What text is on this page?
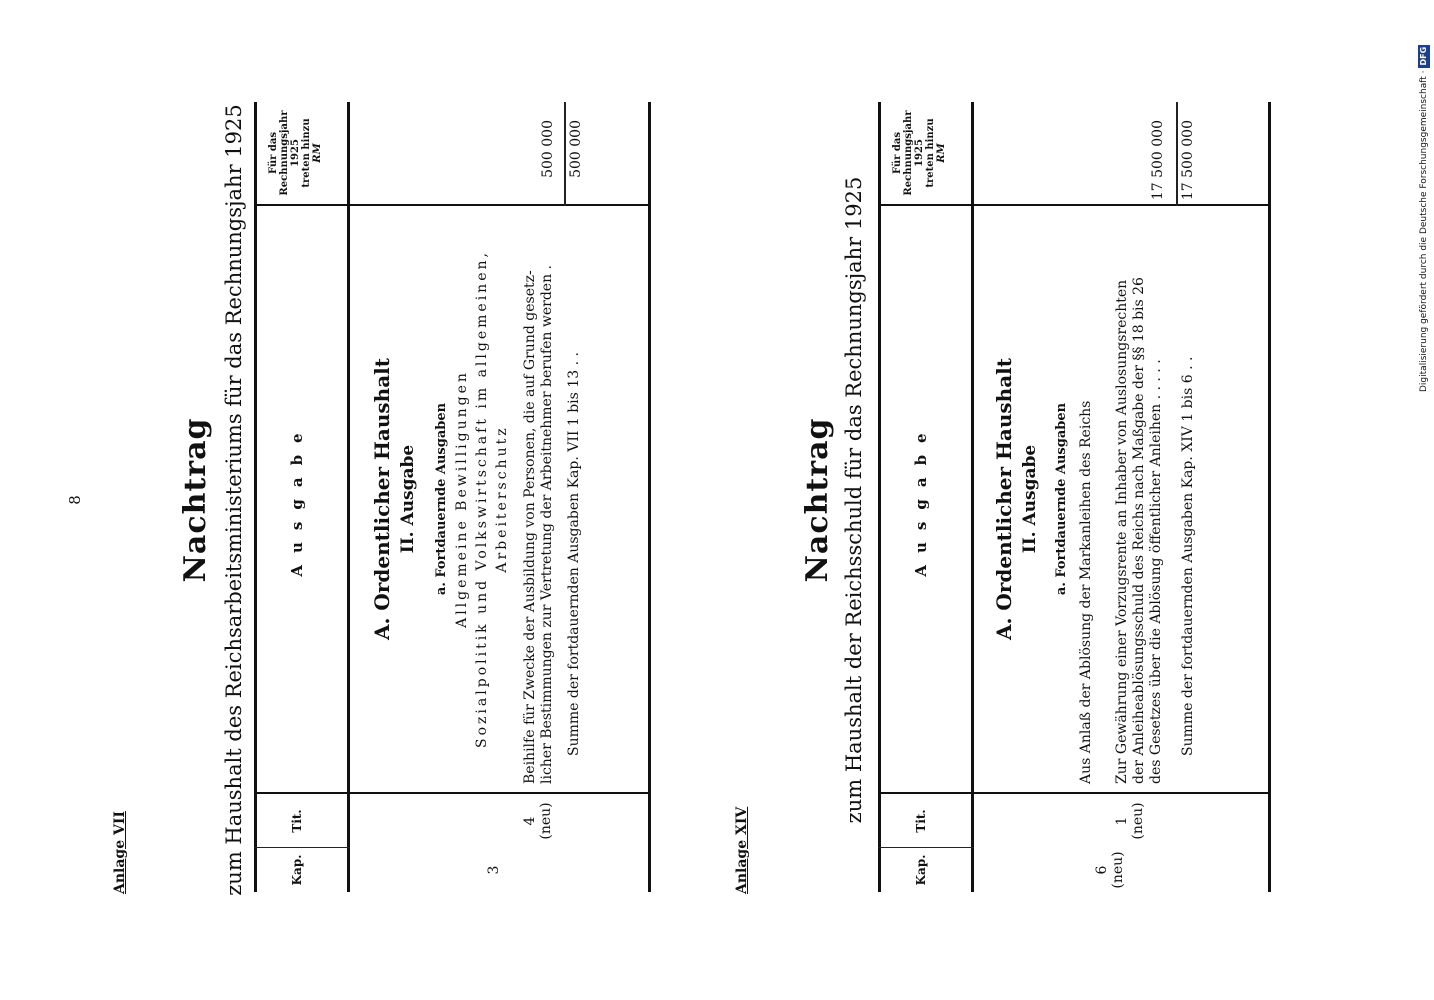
Digitalisierung gefördert durch die Deutsche Forschungsgemeinschaft ·DFG
8
Anlage VII
Nachtrag zum Haushalt des Reichsarbeitsministeriums für das Rechnungsjahr 1925	Kap.
Tit.
Ausgabe
Für das Rechnungsjahr 1925 treten hinzu RM
A. Ordentlicher Haushalt II. Ausgabe a. Fortdauernde Ausgaben Allgemeine Bewilligungen Sozialpolitik und Volkswirtschaft im allgemeinen, Arbeiterschutz
3
4 (neu)
Beihilfe für Zwecke der Ausbildung von Personen, die auf Grund gesetz- licher Bestimmungen zur Vertretung der Arbeitnehmer berufen werden .
500 000
Summe der fortdauernden Ausgaben Kap. VII 1 bis 13 . .
500 000
Anlage XIV
Nachtrag zum Haushalt der Reichsschuld für das Rechnungsjahr 1925
Kap.
Tit.
Ausgabe
Für das Rechnungsjahr 1925 treten hinzu RM
A. Ordentlicher Haushalt II. Ausgabe a. Fortdauernde Ausgaben Aus Anlaß der Ablösung der Markanleihen des Reichs
6 (neu)
1 (neu)
Zur Gewährung einer Vorzugsrente an Inhaber von Auslosungsrechten der Anleiheablösungsschuld des Reichs nach Maßgabe der §§ 18 bis 26 des Gesetzes über die Ablösung öffentlicher Anleihen . . . . .
17 500 000
Summe der fortdauernden Ausgaben Kap. XIV 1 bis 6 . .
17 500 000
